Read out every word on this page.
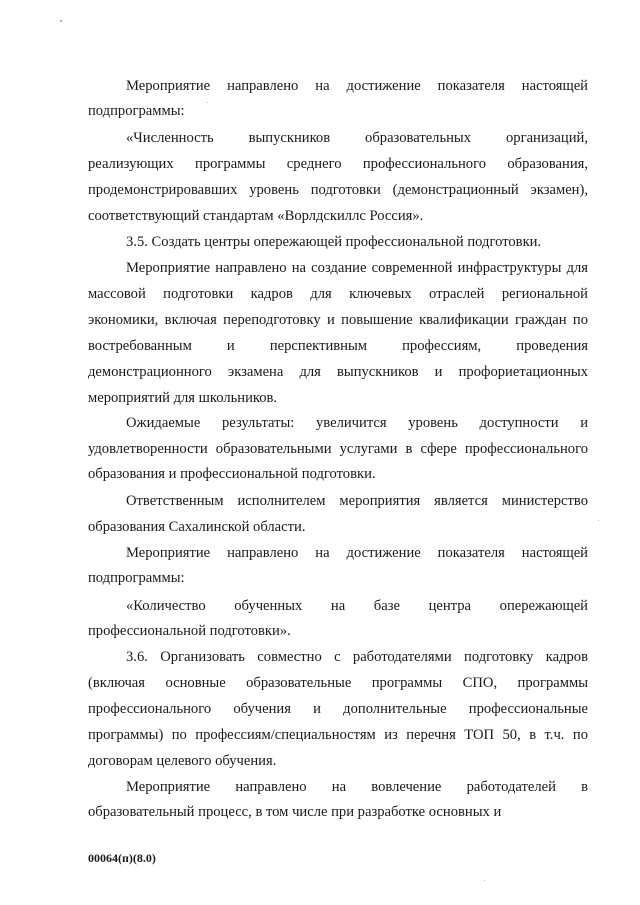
Мероприятие направлено на достижение показателя настоящей
подпрограммы:
«Численность выпускников образовательных организаций,
реализующих программы среднего профессионального образования,
продемонстрировавших уровень подготовки (демонстрационный экзамен),
соответствующий стандартам «Ворлдскиллс Россия».
3.5. Создать центры опережающей профессиональной подготовки.
Мероприятие направлено на создание современной инфраструктуры для
массовой подготовки кадров для ключевых отраслей региональной
экономики, включая переподготовку и повышение квалификации граждан по
востребованным и перспективным профессиям, проведения
демонстрационного экзамена для выпускников и профориетационных
мероприятий для школьников.
Ожидаемые результаты: увеличится уровень доступности и
удовлетворенности образовательными услугами в сфере профессионального
образования и профессиональной подготовки.
Ответственным исполнителем мероприятия является министерство
образования Сахалинской области.
Мероприятие направлено на достижение показателя настоящей
подпрограммы:
«Количество обученных на базе центра опережающей
профессиональной подготовки».
3.6. Организовать совместно с работодателями подготовку кадров
(включая основные образовательные программы СПО, программы
профессионального обучения и дополнительные профессиональные
программы) по профессиям/специальностям из перечня ТОП 50, в т.ч. по
договорам целевого обучения.
Мероприятие направлено на вовлечение работодателей в
образовательный процесс, в том числе при разработке основных и
00064(п)(8.0)
